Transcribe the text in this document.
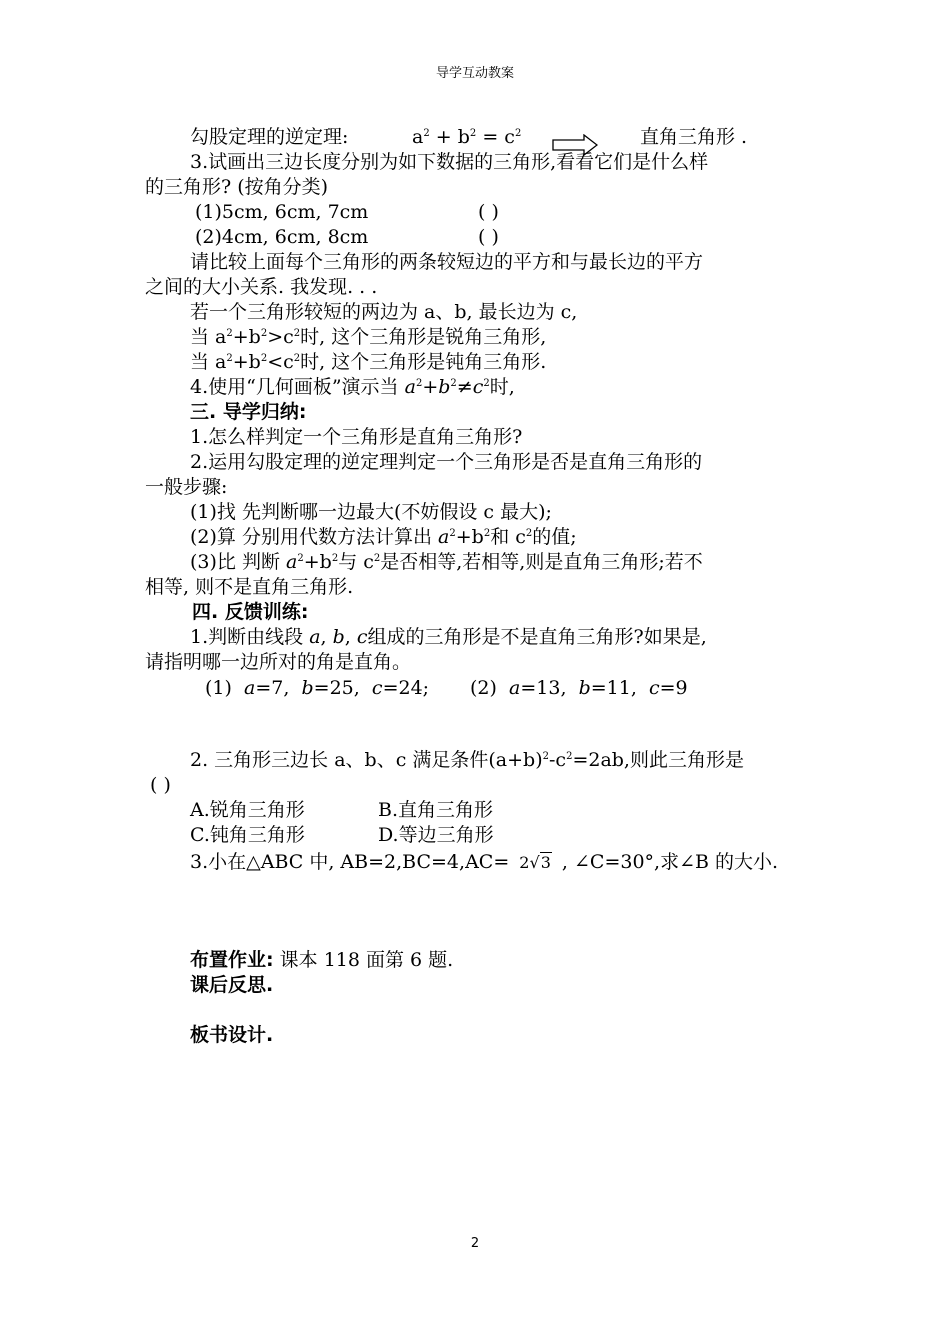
导学互动教案
勾股定理的逆定理:	$a^2 + b^2 = c^2$	直角三角形 .
3.试画出三边长度分别为如下数据的三角形,看看它们是什么样
的三角形? (按角分类)
(1)5cm, 6cm, 7cm	( )
(2)4cm, 6cm, 8cm	( )
请比较上面每个三角形的两条较短边的平方和与最长边的平方
之间的大小关系. 我发现. . .
若一个三角形较短的两边为 a、b, 最长边为 c,
当 $a^2+b^2>c^2$时, 这个三角形是锐角三角形,
当 $a^2+b^2<c^2$时, 这个三角形是钝角三角形.
4.使用“几何画板”演示当 $a^2+b^2\ne c^2$时,
三. 导学归纳:
1.怎么样判定一个三角形是直角三角形?
2.运用勾股定理的逆定理判定一个三角形是否是直角三角形的
一般步骤:
(1)找 先判断哪一边最大(不妨假设 c 最大);
(2)算 分别用代数方法计算出 $a^2+b^2$和 $c^2$的值;
(3)比 判断 $a^2+b^2$与 $c^2$是否相等,若相等,则是直角三角形;若不
相等, 则不是直角三角形.
四. 反馈训练:
1.判断由线段 a, b, c组成的三角形是不是直角三角形?如果是,
请指明哪一边所对的角是直角。
(1) a=7, b=25, c=24; (2) a=13, b=11, c=9
2. 三角形三边长 a、b、c 满足条件$(a+b)^2-c^2=2ab$,则此三角形是
( )
A.锐角三角形	B.直角三角形
C.钝角三角形	D.等边三角形
3.小在△ABC 中, AB=2,BC=4,AC= 2√3 , ∠C=30°,求∠B 的大小.
布置作业: 课本 118 面第 6 题.
课后反思.
板书设计.
2
